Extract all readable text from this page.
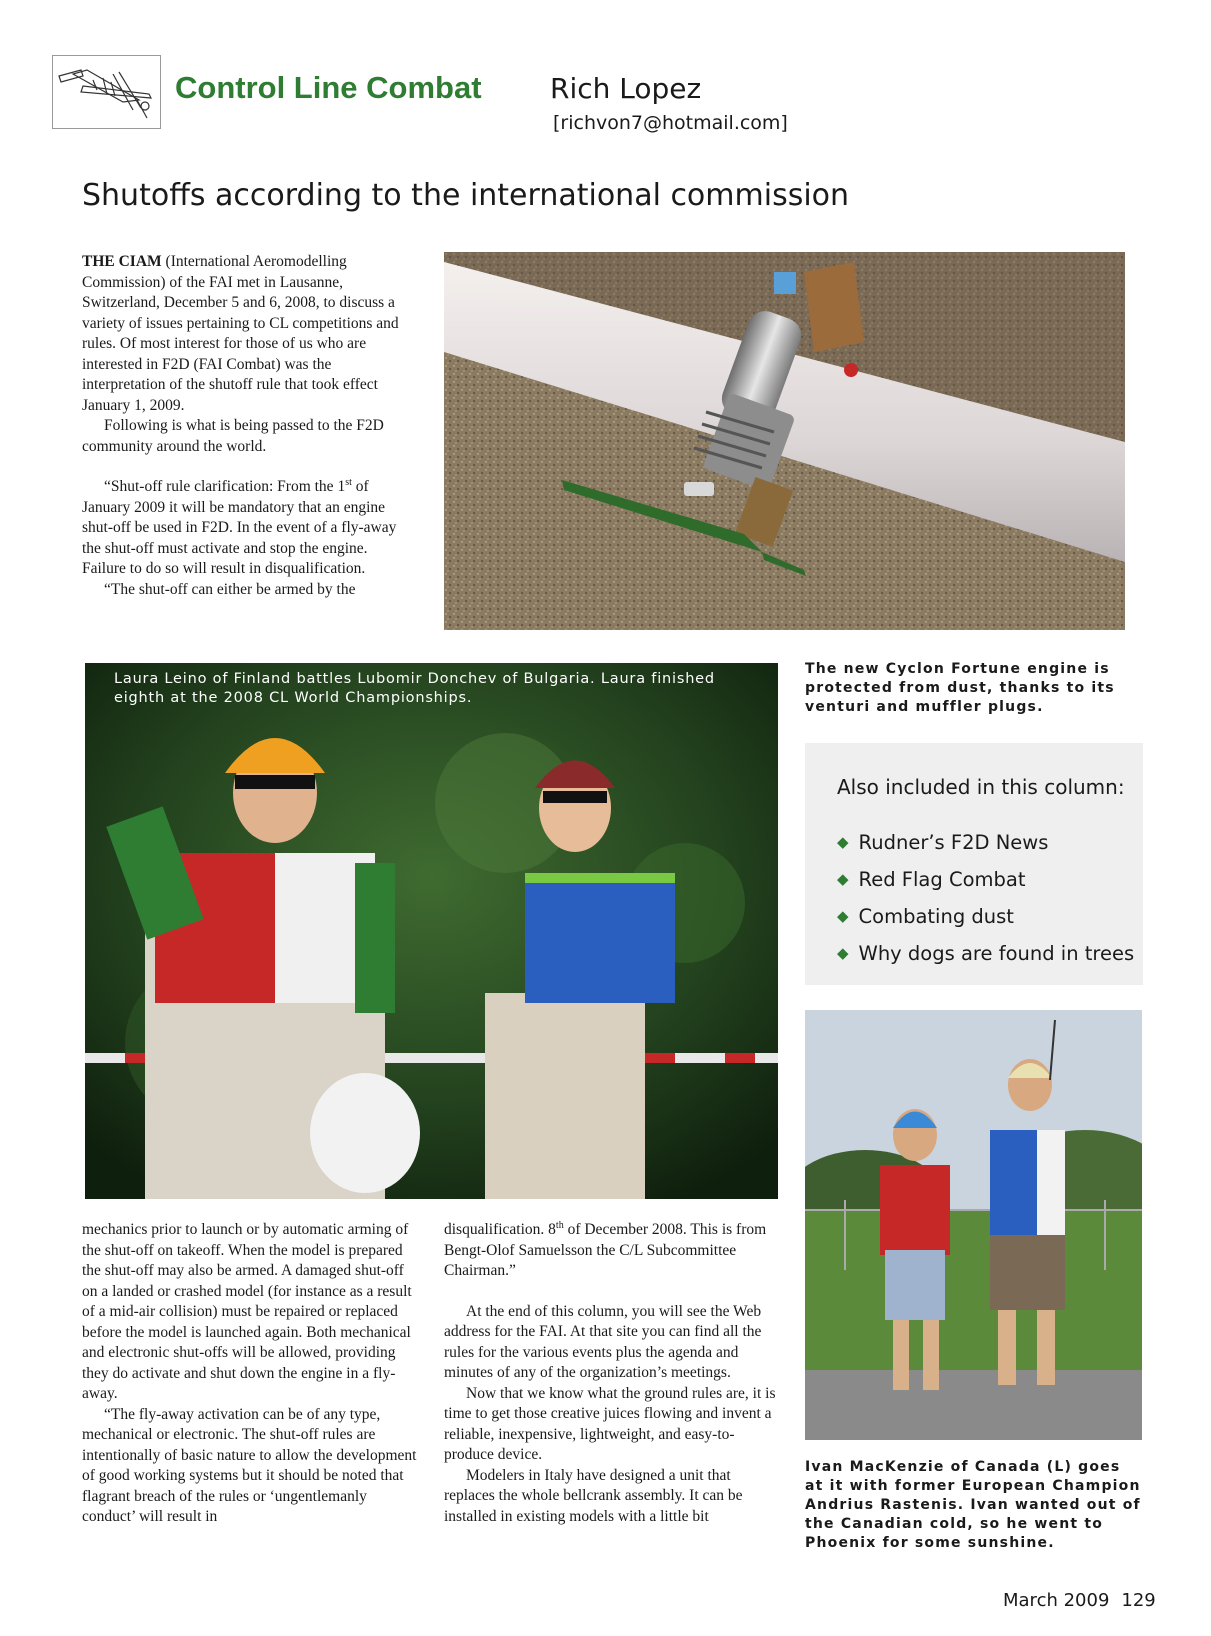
Control Line Combat Rich Lopez
[richvon7@hotmail.com]
Shutoffs according to the international commission

THE CIAM (International Aeromodelling Commission) of the FAI met in Lausanne, Switzerland, December 5 and 6, 2008, to discuss a variety of issues pertaining to CL competitions and rules. Of most interest for those of us who are interested in F2D (FAI Combat) was the interpretation of the shutoff rule that took effect January 1, 2009.

Following is what is being passed to the F2D community around the world.

“Shut-off rule clarification: From the 1st of January 2009 it will be mandatory that an engine shut-off be used in F2D. In the event of a fly-away the shut-off must activate and stop the engine. Failure to do so will result in disqualification.

“The shut-off can either be armed by the

The new Cyclon Fortune engine is protected from dust, thanks to its venturi and muffler plugs.
Laura Leino of Finland battles Lubomir Donchev of Bulgaria. Laura finished eighth at the 2008 CL World Championships.
Also included in this column:
◆ Rudner’s F2D News
◆ Red Flag Combat
◆ Combating dust
◆ Why dogs are found in trees
Ivan MacKenzie of Canada (L) goes at it with former European Champion Andrius Rastenis. Ivan wanted out of the Canadian cold, so he went to Phoenix for some sunshine.

mechanics prior to launch or by automatic arming of the shut-off on takeoff. When the model is prepared the shut-off may also be armed. A damaged shut-off on a landed or crashed model (for instance as a result of a mid-air collision) must be repaired or replaced before the model is launched again. Both mechanical and electronic shut-offs will be allowed, providing they do activate and shut down the engine in a fly-away.

“The fly-away activation can be of any type, mechanical or electronic. The shut-off rules are intentionally of basic nature to allow the development of good working systems but it should be noted that flagrant breach of the rules or ‘ungentlemanly conduct’ will result in

disqualification. 8th of December 2008. This is from Bengt-Olof Samuelsson the C/L Subcommittee Chairman.”

At the end of this column, you will see the Web address for the FAI. At that site you can find all the rules for the various events plus the agenda and minutes of any of the organization’s meetings.

Now that we know what the ground rules are, it is time to get those creative juices flowing and invent a reliable, inexpensive, lightweight, and easy-to-produce device.

Modelers in Italy have designed a unit that replaces the whole bellcrank assembly. It can be installed in existing models with a little bit

March 2009 129
